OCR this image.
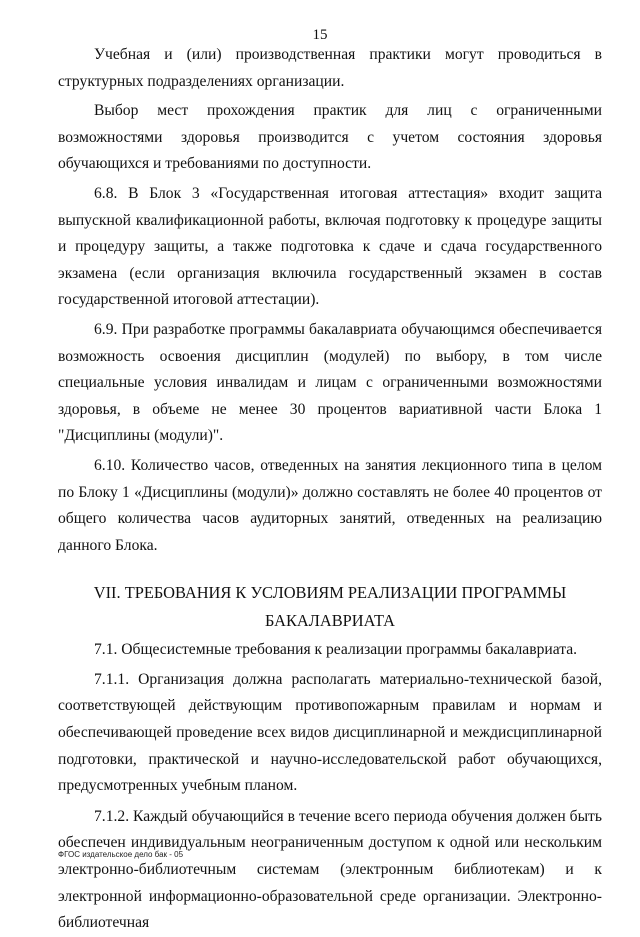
15

Учебная и (или) производственная практики могут проводиться в структурных подразделениях организации.

Выбор мест прохождения практик для лиц с ограниченными возможностями здоровья производится с учетом состояния здоровья обучающихся и требованиями по доступности.

6.8. В Блок 3 «Государственная итоговая аттестация» входит защита выпускной квалификационной работы, включая подготовку к процедуре защиты и процедуру защиты, а также подготовка к сдаче и сдача государственного экзамена (если организация включила государственный экзамен в состав государственной итоговой аттестации).

6.9. При разработке программы бакалавриата обучающимся обеспечивается возможность освоения дисциплин (модулей) по выбору, в том числе специальные условия инвалидам и лицам с ограниченными возможностями здоровья, в объеме не менее 30 процентов вариативной части Блока 1 "Дисциплины (модули)".

6.10. Количество часов, отведенных на занятия лекционного типа в целом по Блоку 1 «Дисциплины (модули)» должно составлять не более 40 процентов от общего количества часов аудиторных занятий, отведенных на реализацию данного Блока.

VII. ТРЕБОВАНИЯ К УСЛОВИЯМ РЕАЛИЗАЦИИ ПРОГРАММЫ
БАКАЛАВРИАТА

7.1. Общесистемные требования к реализации программы бакалавриата.

7.1.1. Организация должна располагать материально-технической базой, соответствующей действующим противопожарным правилам и нормам и обеспечивающей проведение всех видов дисциплинарной и междисциплинарной подготовки, практической и научно-исследовательской работ обучающихся, предусмотренных учебным планом.

7.1.2. Каждый обучающийся в течение всего периода обучения должен быть обеспечен индивидуальным неограниченным доступом к одной или нескольким электронно-библиотечным системам (электронным библиотекам) и к электронной информационно-образовательной среде организации. Электронно-библиотечная

ФГОС издательское дело бак - 05
